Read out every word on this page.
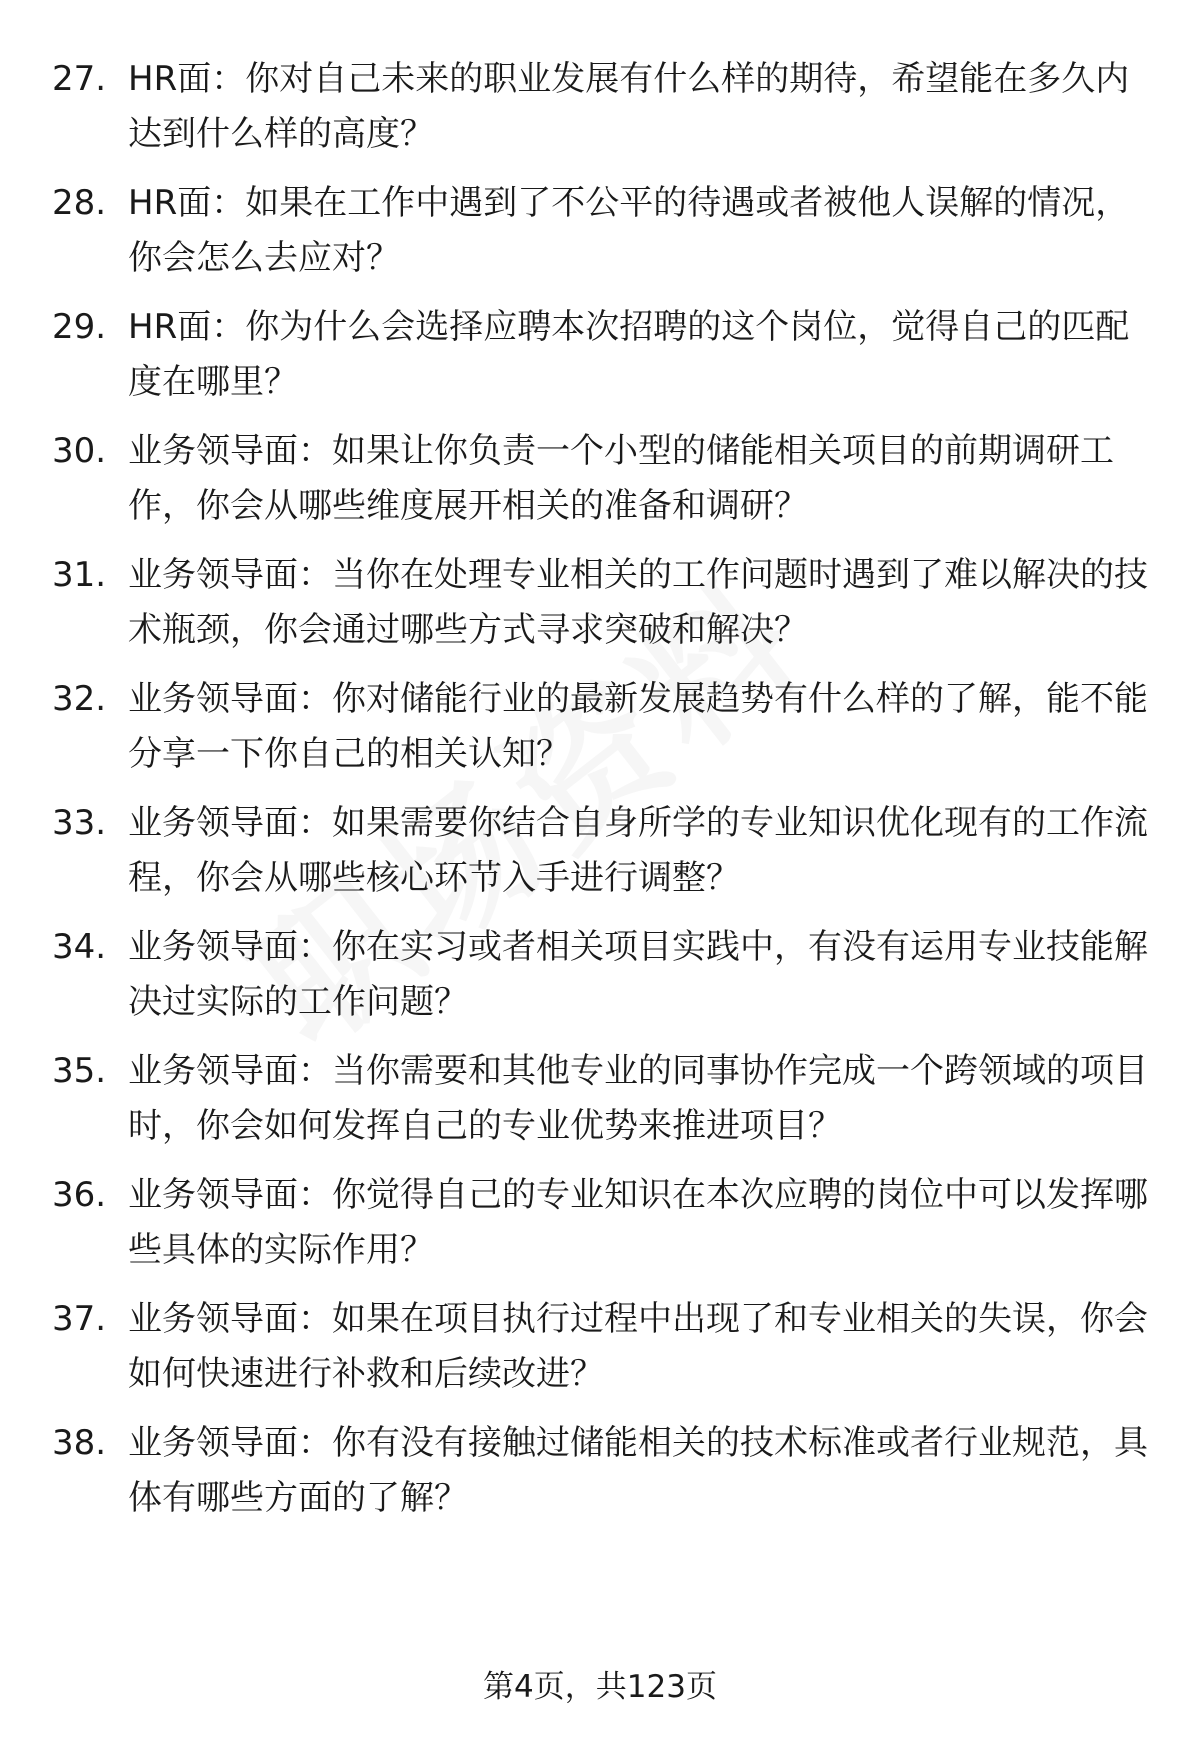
27. HR面：你对自己未来的职业发展有什么样的期待，希望能在多久内达到什么样的高度？
28. HR面：如果在工作中遇到了不公平的待遇或者被他人误解的情况，你会怎么去应对？
29. HR面：你为什么会选择应聘本次招聘的这个岗位，觉得自己的匹配度在哪里？
30. 业务领导面：如果让你负责一个小型的储能相关项目的前期调研工作，你会从哪些维度展开相关的准备和调研？
31. 业务领导面：当你在处理专业相关的工作问题时遇到了难以解决的技术瓶颈，你会通过哪些方式寻求突破和解决？
32. 业务领导面：你对储能行业的最新发展趋势有什么样的了解，能不能分享一下你自己的相关认知？
33. 业务领导面：如果需要你结合自身所学的专业知识优化现有的工作流程，你会从哪些核心环节入手进行调整？
34. 业务领导面：你在实习或者相关项目实践中，有没有运用专业技能解决过实际的工作问题？
35. 业务领导面：当你需要和其他专业的同事协作完成一个跨领域的项目时，你会如何发挥自己的专业优势来推进项目？
36. 业务领导面：你觉得自己的专业知识在本次应聘的岗位中可以发挥哪些具体的实际作用？
37. 业务领导面：如果在项目执行过程中出现了和专业相关的失误，你会如何快速进行补救和后续改进？
38. 业务领导面：你有没有接触过储能相关的技术标准或者行业规范，具体有哪些方面的了解？
第4页，共123页
